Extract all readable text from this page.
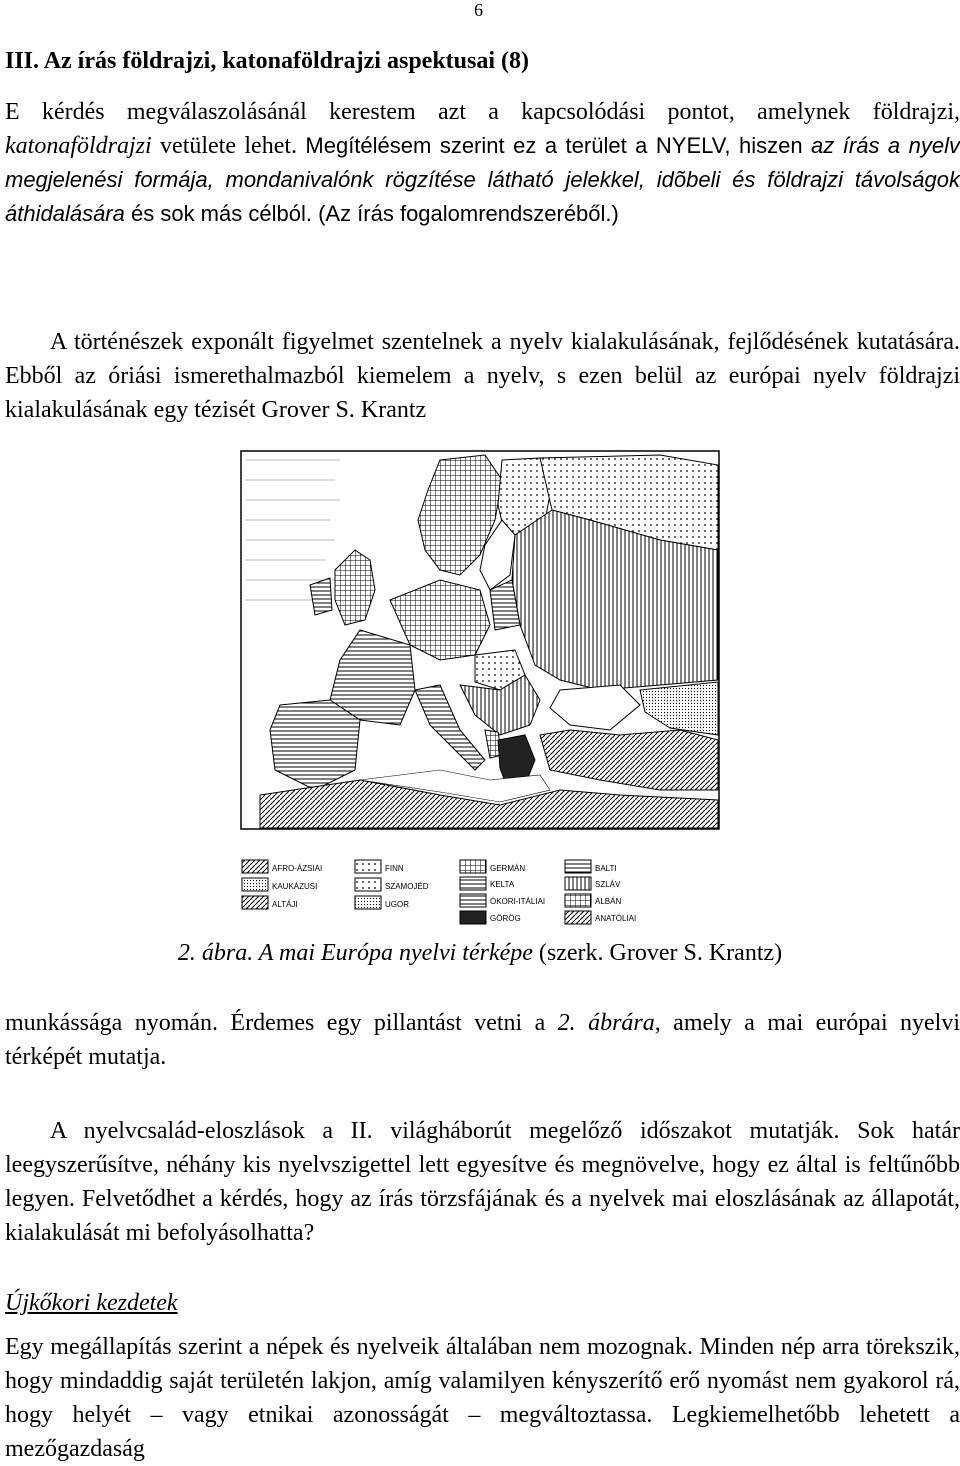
6
III. Az írás földrajzi, katonaföldrajzi aspektusai (8)

E kérdés megválaszolásánál kerestem azt a kapcsolódási pontot, amelynek földrajzi, katonaföldrajzi vetülete lehet. Megítélésem szerint ez a terület a NYELV, hiszen az írás a nyelv megjelenési formája, mondanivalónk rögzítése látható jelekkel, idõbeli és földrajzi távolságok áthidalására és sok más célból. (Az írás fogalomrendszeréből.)

A történészek exponált figyelmet szentelnek a nyelv kialakulásának, fejlődésének kutatására. Ebből az óriási ismerethalmazból kiemelem a nyelv, s ezen belül az európai nyelv földrajzi kialakulásának egy tézisét Grover S. Krantz

AFRO-ÁZSIAI
KAUKÁZUSI
ALTÁJI
FINN
SZAMOJÉD
UGOR
GERMÁN
KELTA
ÓKORI-ITÁLIAI
GÖRÖG
BALTI
SZLÁV
ALBÁN
ANATÓLIAI
2. ábra. A mai Európa nyelvi térképe (szerk. Grover S. Krantz)

munkássága nyomán. Érdemes egy pillantást vetni a 2. ábrára, amely a mai európai nyelvi térképét mutatja.

A nyelvcsalád-eloszlások a II. világháborút megelőző időszakot mutatják. Sok határ leegyszerűsítve, néhány kis nyelvszigettel lett egyesítve és megnövelve, hogy ez által is feltűnőbb legyen. Felvetődhet a kérdés, hogy az írás törzsfájának és a nyelvek mai eloszlásának az állapotát, kialakulását mi befolyásolhatta?

Újkőkori kezdetek

Egy megállapítás szerint a népek és nyelveik általában nem mozognak. Minden nép arra törekszik, hogy mindaddig saját területén lakjon, amíg valamilyen kényszerítő erő nyomást nem gyakorol rá, hogy helyét – vagy etnikai azonosságát – megváltoztassa. Legkiemelhetőbb lehetett a mezőgazdaság
